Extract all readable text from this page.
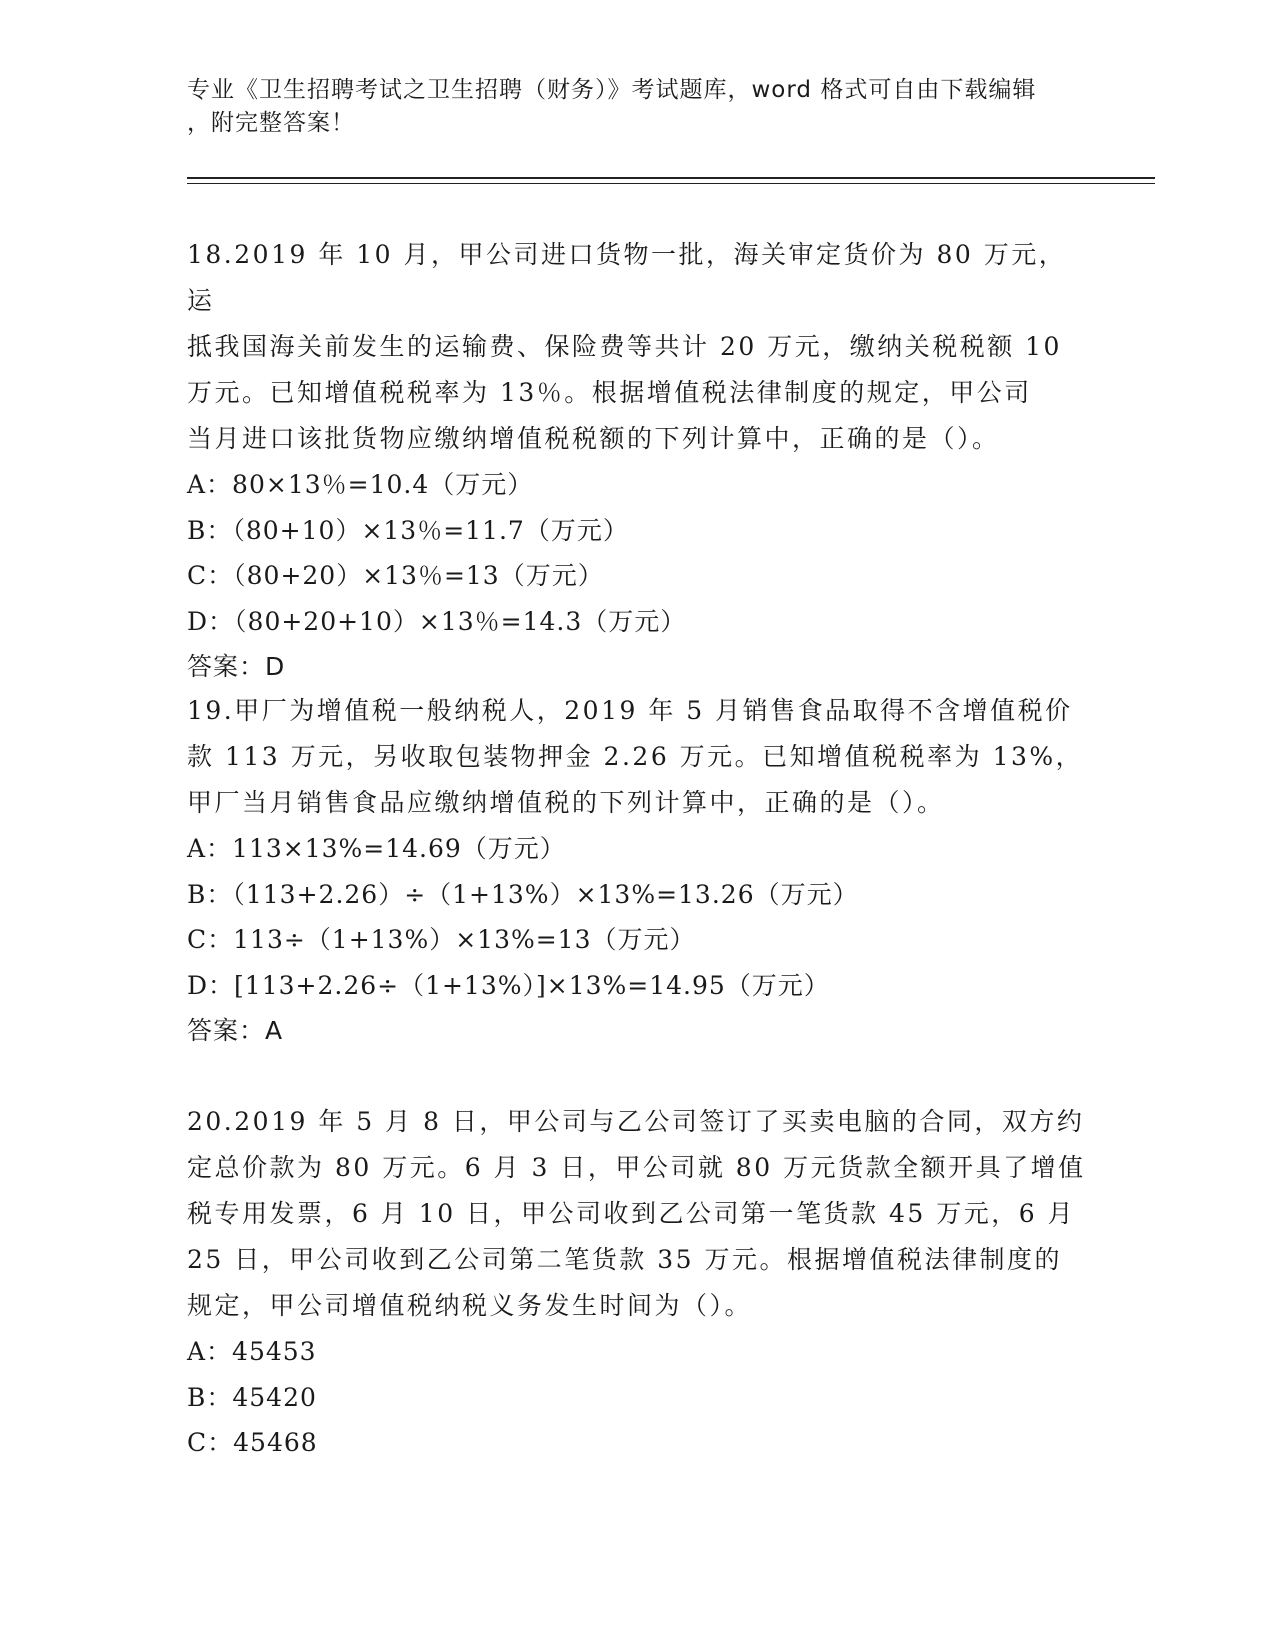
专业《卫生招聘考试之卫生招聘（财务）》考试题库，word 格式可自由下载编辑
，附完整答案！

18.2019 年 10 月，甲公司进口货物一批，海关审定货价为 80 万元，运

抵我国海关前发生的运输费、保险费等共计 20 万元，缴纳关税税额 10

万元。已知增值税税率为 13％。根据增值税法律制度的规定，甲公司

当月进口该批货物应缴纳增值税税额的下列计算中，正确的是（）。

A：80×13％=10.4（万元）

B：（80+10）×13％=11.7（万元）

C：（80+20）×13％=13（万元）

D：（80+20+10）×13％=14.3（万元）

答案：D

19.甲厂为增值税一般纳税人，2019 年 5 月销售食品取得不含增值税价

款 113 万元，另收取包装物押金 2.26 万元。已知增值税税率为 13%，

甲厂当月销售食品应缴纳增值税的下列计算中，正确的是（）。

A：113×13%=14.69（万元）

B：（113+2.26）÷（1+13%）×13%=13.26（万元）

C：113÷（1+13%）×13%=13（万元）

D：[113+2.26÷（1+13%）]×13%=14.95（万元）

答案：A

20.2019 年 5 月 8 日，甲公司与乙公司签订了买卖电脑的合同，双方约

定总价款为 80 万元。6 月 3 日，甲公司就 80 万元货款全额开具了增值

税专用发票，6 月 10 日，甲公司收到乙公司第一笔货款 45 万元，6 月

25 日，甲公司收到乙公司第二笔货款 35 万元。根据增值税法律制度的

规定，甲公司增值税纳税义务发生时间为（）。

A：45453

B：45420

C：45468
